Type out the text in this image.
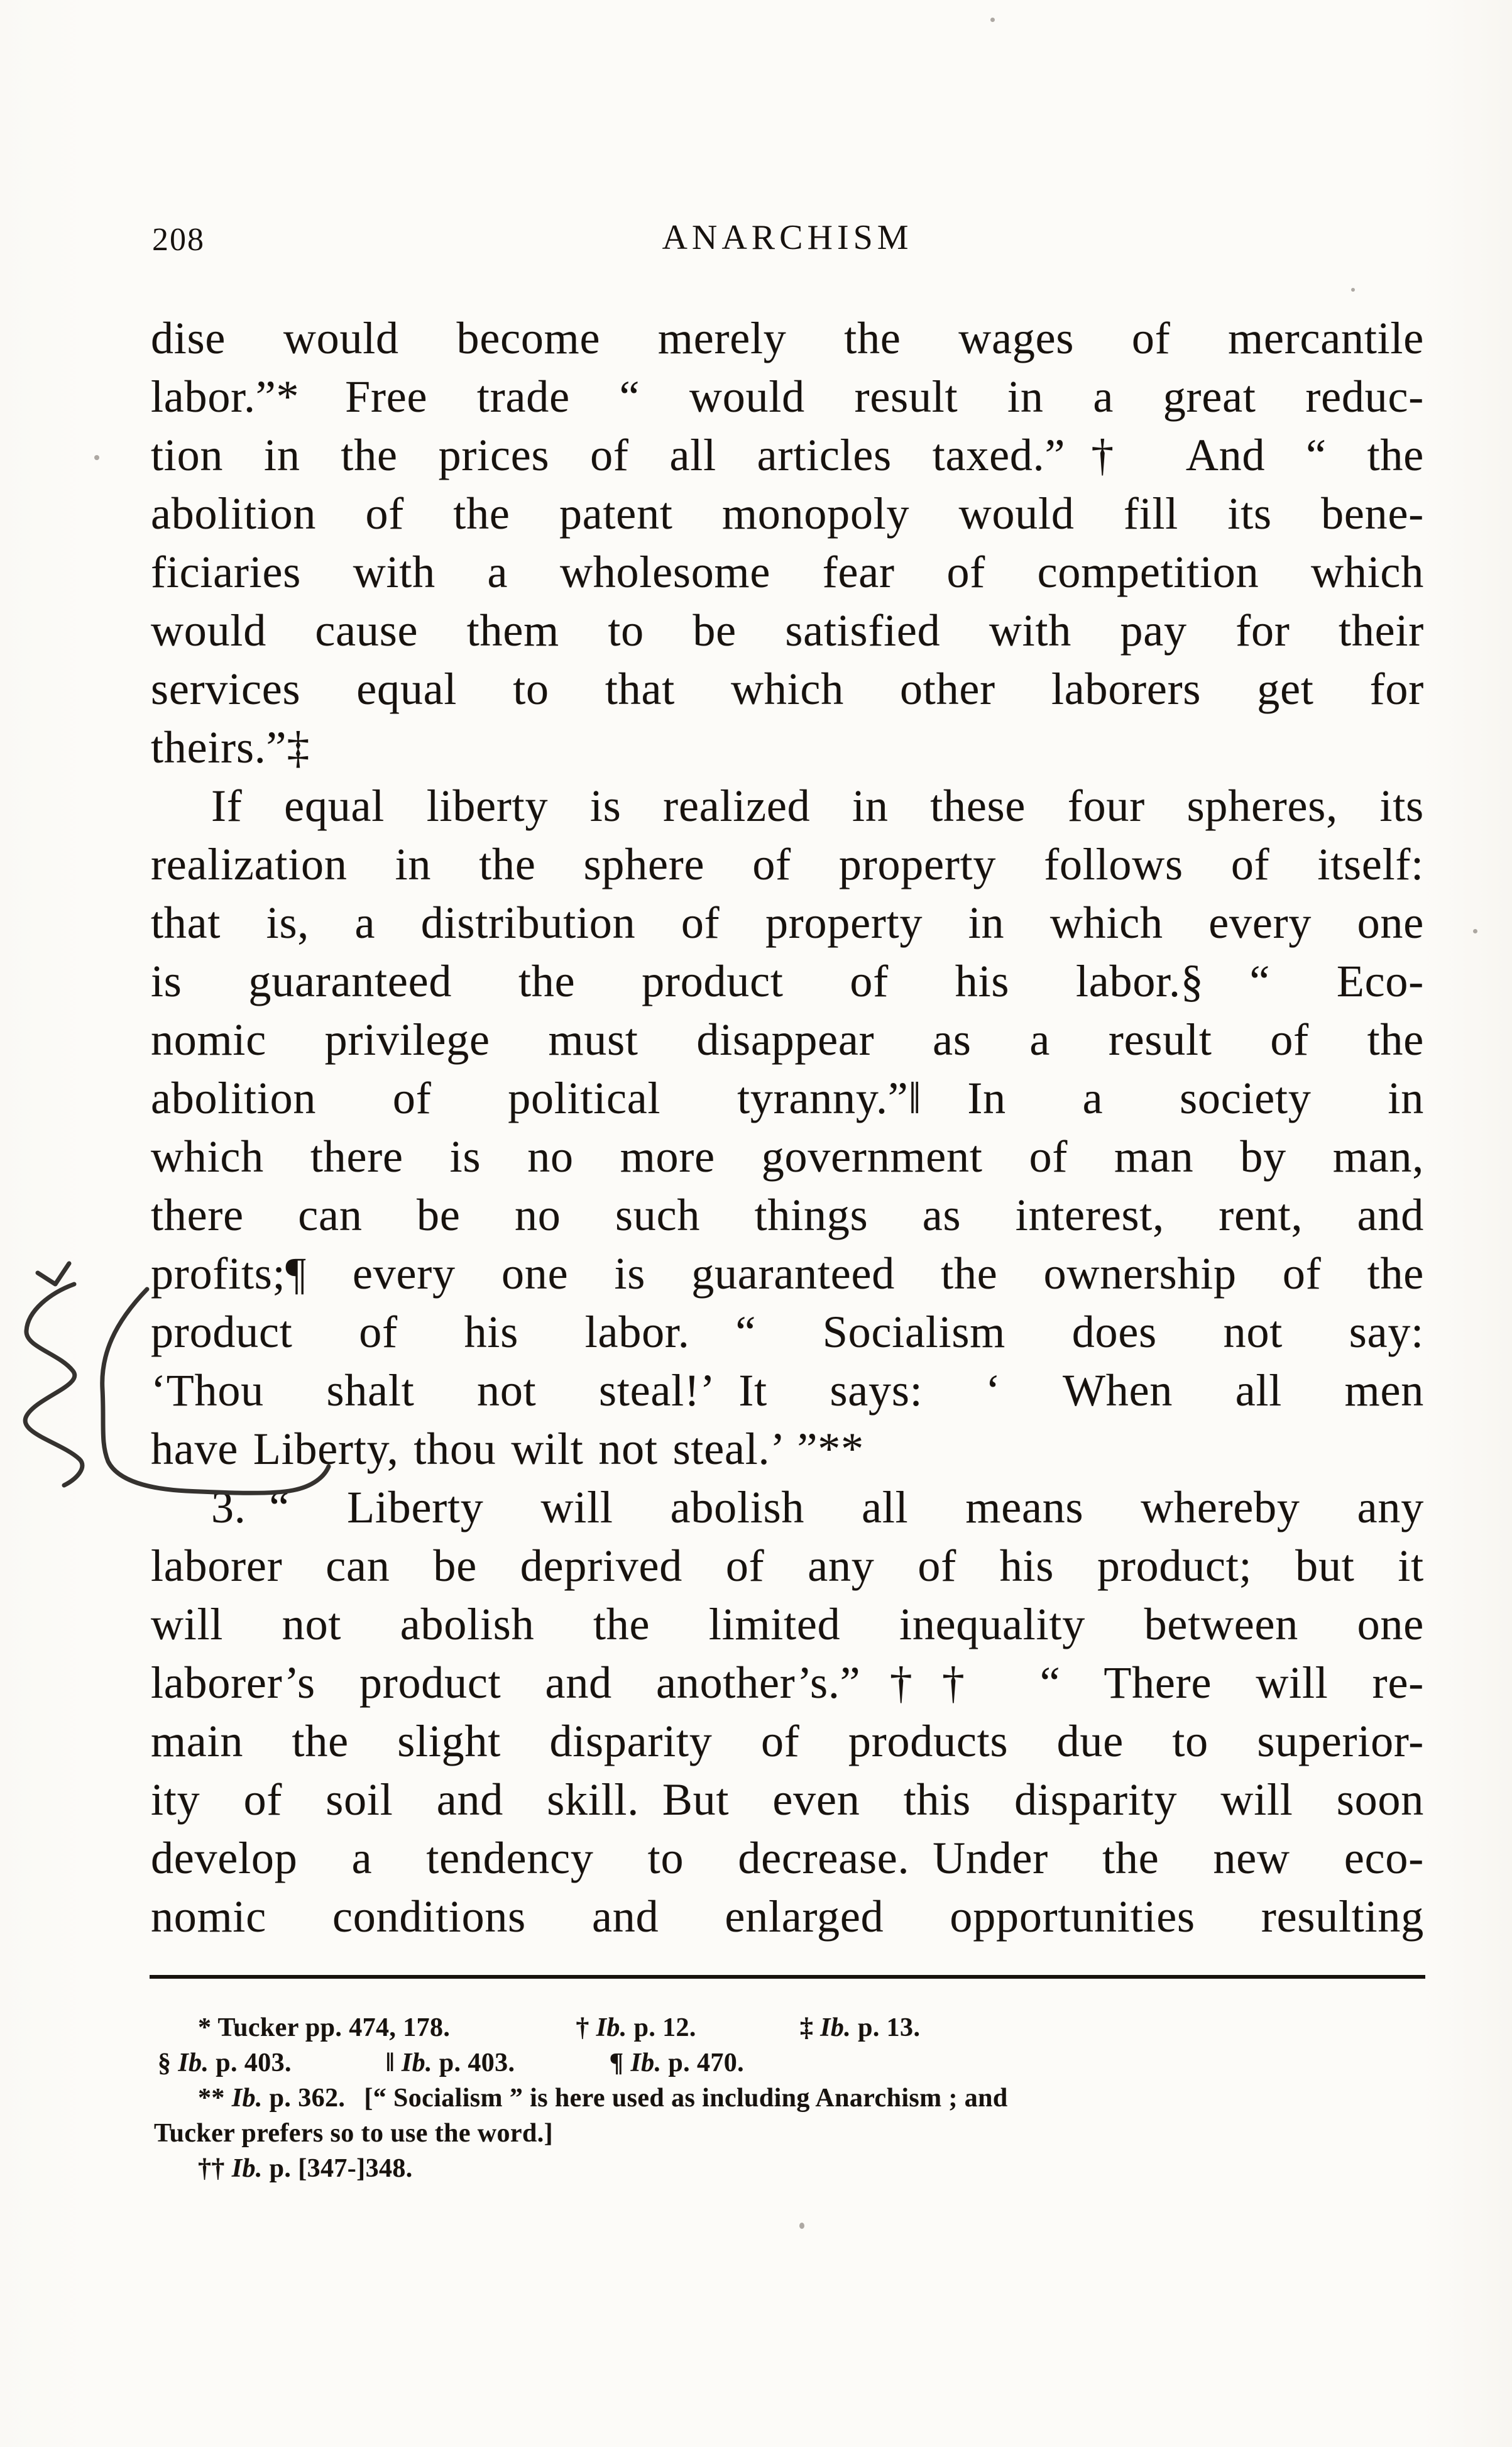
208	ANARCHISM
dise would become merely the wages of mercantile
labor.”* Free trade “ would result in a great reduc-
tion in the prices of all articles taxed.”† And “ the
abolition of the patent monopoly would fill its bene-
ficiaries with a wholesome fear of competition which
would cause them to be satisfied with pay for their
services equal to that which other laborers get for
theirs.”‡
If equal liberty is realized in these four spheres, its
realization in the sphere of property follows of itself:
that is, a distribution of property in which every one
is guaranteed the product of his labor.§ “ Eco-
nomic privilege must disappear as a result of the
abolition of political tyranny.”‖ In a society in
which there is no more government of man by man,
there can be no such things as interest, rent, and
profits;¶ every one is guaranteed the ownership of the
product of his labor. “ Socialism does not say:
‘Thou shalt not steal!’ It says: ‘ When all men
have Liberty, thou wilt not steal.’ ”**
3. “ Liberty will abolish all means whereby any
laborer can be deprived of any of his product; but it
will not abolish the limited inequality between one
laborer’s product and another’s.”†† “ There will re-
main the slight disparity of products due to superior-
ity of soil and skill. But even this disparity will soon
develop a tendency to decrease. Under the new eco-
nomic conditions and enlarged opportunities resulting
* Tucker pp. 474, 178.	† Ib. p. 12.	‡ Ib. p. 13.
§ Ib. p. 403.	‖ Ib. p. 403.	¶ Ib. p. 470.
** Ib. p. 362. [“ Socialism ” is here used as including Anarchism ; and
Tucker prefers so to use the word.]
†† Ib. p. [347-]348.
